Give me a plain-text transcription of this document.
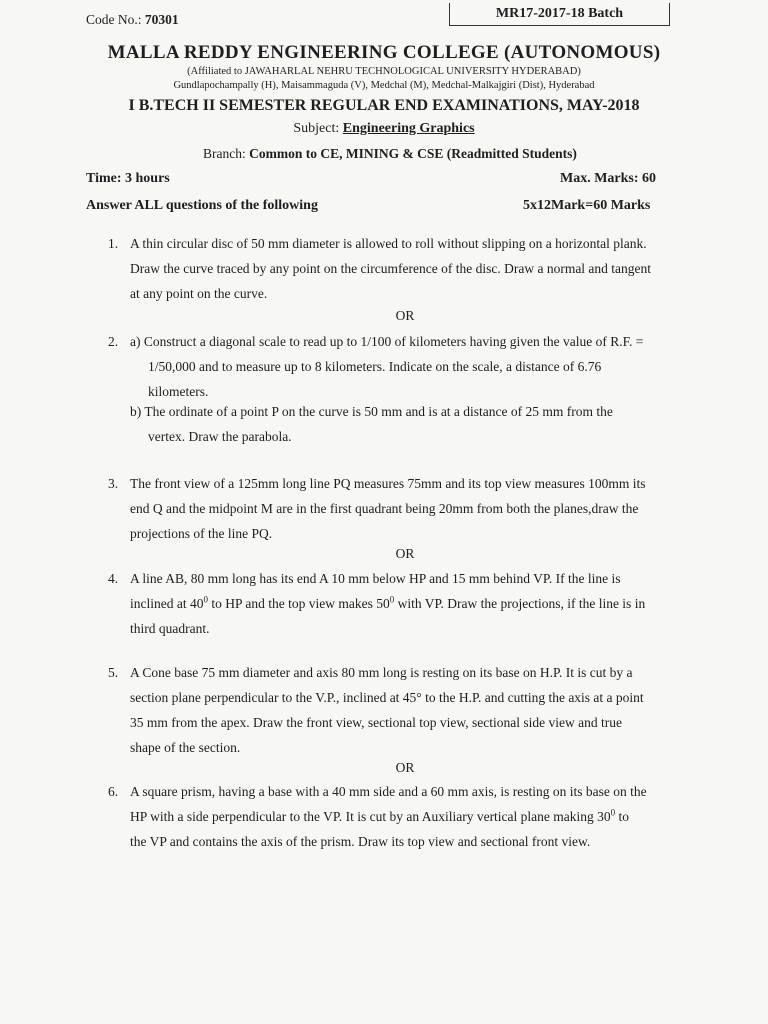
Code No.: 70301	MR17-2017-18 Batch
MALLA REDDY ENGINEERING COLLEGE (AUTONOMOUS)
(Affiliated to JAWAHARLAL NEHRU TECHNOLOGICAL UNIVERSITY HYDERABAD)
Gundlapochampally (H), Maisammaguda (V), Medchal (M), Medchal-Malkajgiri (Dist), Hyderabad
I B.TECH II SEMESTER REGULAR END EXAMINATIONS, MAY-2018
Subject: Engineering Graphics
Branch: Common to CE, MINING & CSE (Readmitted Students)
Time: 3 hours	Max. Marks: 60
Answer ALL questions of the following	5x12Mark=60 Marks
1. A thin circular disc of 50 mm diameter is allowed to roll without slipping on a horizontal plank.
Draw the curve traced by any point on the circumference of the disc. Draw a normal and tangent
at any point on the curve.
OR
2. a) Construct a diagonal scale to read up to 1/100 of kilometers having given the value of R.F. =
1/50,000 and to measure up to 8 kilometers. Indicate on the scale, a distance of 6.76
kilometers.
b) The ordinate of a point P on the curve is 50 mm and is at a distance of 25 mm from the
vertex. Draw the parabola.
3. The front view of a 125mm long line PQ measures 75mm and its top view measures 100mm its
end Q and the midpoint M are in the first quadrant being 20mm from both the planes,draw the
projections of the line PQ.
OR
4. A line AB, 80 mm long has its end A 10 mm below HP and 15 mm behind VP. If the line is
inclined at $40^0$ to HP and the top view makes $50^0$ with VP. Draw the projections, if the line is in
third quadrant.
5. A Cone base 75 mm diameter and axis 80 mm long is resting on its base on H.P. It is cut by a
section plane perpendicular to the V.P., inclined at 45° to the H.P. and cutting the axis at a point
35 mm from the apex. Draw the front view, sectional top view, sectional side view and true
shape of the section.
OR
6. A square prism, having a base with a 40 mm side and a 60 mm axis, is resting on its base on the
HP with a side perpendicular to the VP. It is cut by an Auxiliary vertical plane making $30^0$ to
the VP and contains the axis of the prism. Draw its top view and sectional front view.
